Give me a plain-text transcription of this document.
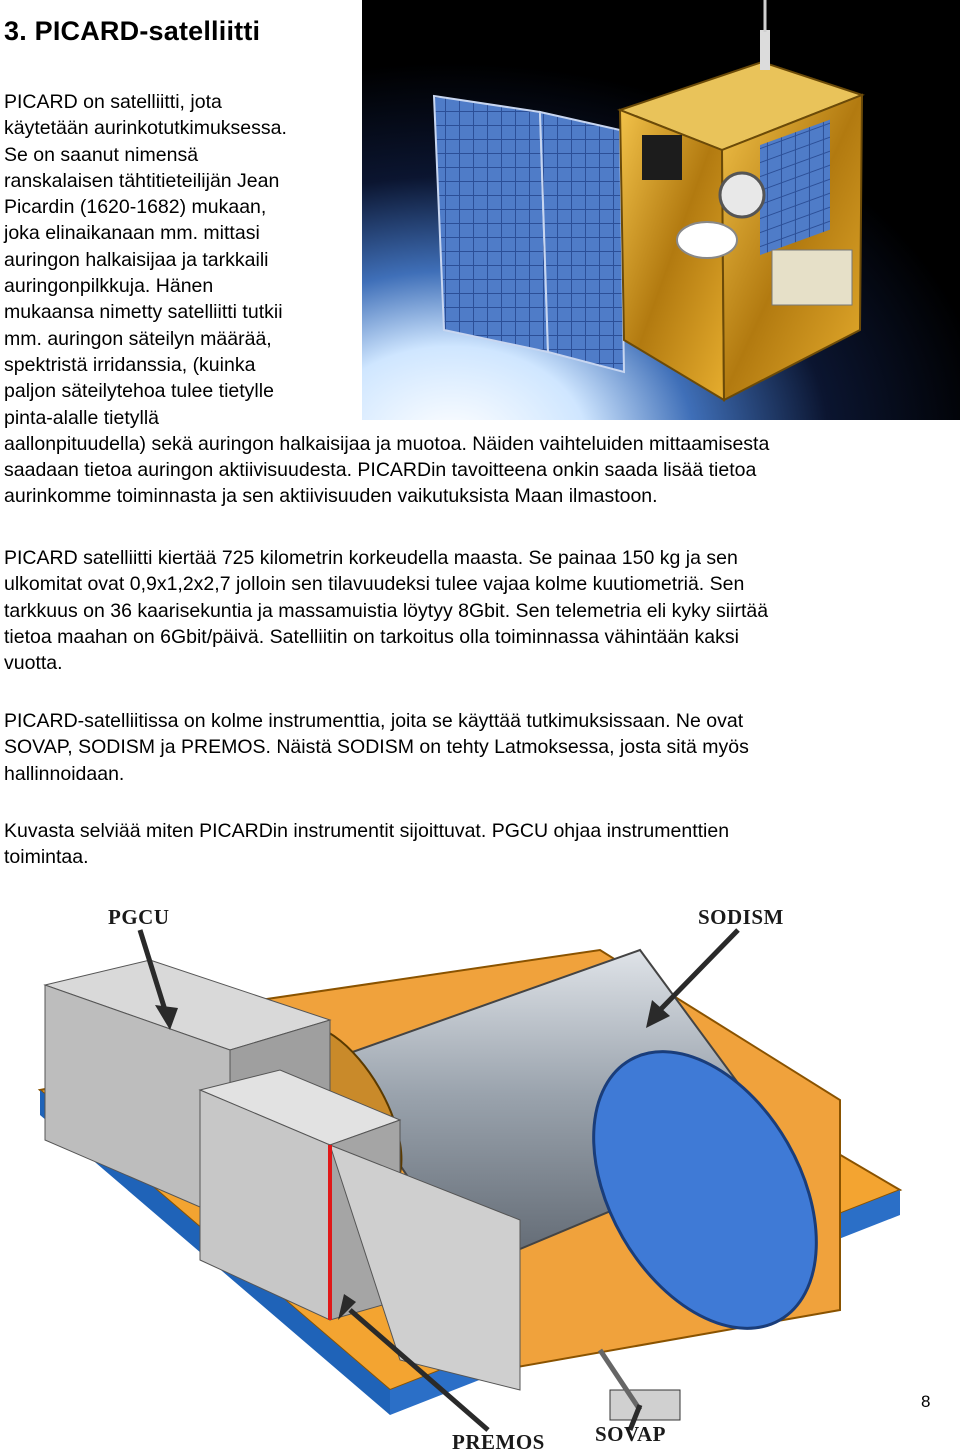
3. PICARD-satelliitti
PICARD on satelliitti, jota
käytetään aurinkotutkimuksessa.
Se on saanut nimensä
ranskalaisen tähtitieteilijän Jean
Picardin (1620-1682) mukaan,
joka elinaikanaan mm. mittasi
auringon halkaisijaa ja tarkkaili
auringonpilkkuja. Hänen
mukaansa nimetty satelliitti tutkii
mm. auringon säteilyn määrää,
spektristä irridanssia, (kuinka
paljon säteilytehoa tulee tietylle
pinta-alalle tietyllä
aallonpituudella) sekä auringon halkaisijaa ja muotoa. Näiden vaihteluiden mittaamisesta
saadaan tietoa auringon aktiivisuudesta. PICARDin tavoitteena onkin saada lisää tietoa
aurinkomme toiminnasta ja sen aktiivisuuden vaikutuksista Maan ilmastoon.
PICARD satelliitti kiertää 725 kilometrin korkeudella maasta. Se painaa 150 kg ja sen
ulkomitat ovat 0,9x1,2x2,7 jolloin sen tilavuudeksi tulee vajaa kolme kuutiometriä. Sen
tarkkuus on 36 kaarisekuntia ja massamuistia löytyy 8Gbit. Sen telemetria eli kyky siirtää
tietoa maahan on 6Gbit/päivä. Satelliitin on tarkoitus olla toiminnassa vähintään kaksi
vuotta.
PICARD-satelliitissa on kolme instrumenttia, joita se käyttää tutkimuksissaan. Ne ovat
SOVAP, SODISM ja PREMOS. Näistä SODISM on tehty Latmoksessa, josta sitä myös
hallinnoidaan.
Kuvasta selviää miten PICARDin instrumentit sijoittuvat. PGCU ohjaa instrumenttien
toimintaa.
PGCU	SODISM
PREMOS SOVAP
8
